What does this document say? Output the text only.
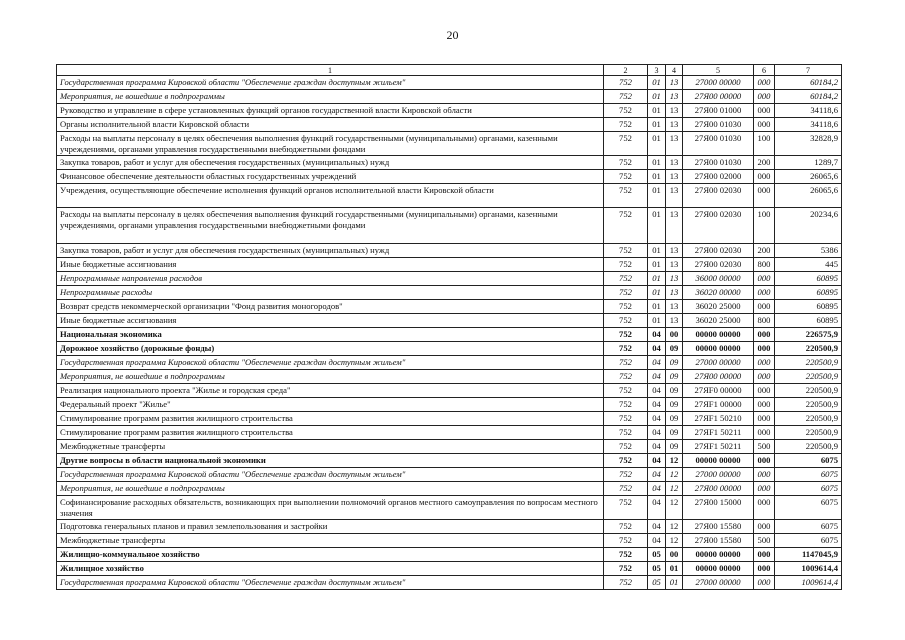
20
1	2	3	4	5	6	7
Государственная программа Кировской области "Обеспечение граждан доступным жильем"	752	01	13	27000 00000	000	60184,2
Мероприятия, не вошедшие в подпрограммы	752	01	13	27Я00 00000	000	60184,2
Руководство и управление в сфере установленных функций органов государственной власти Кировской области	752	01	13	27Я00 01000	000	34118,6
Органы исполнительной власти Кировской области	752	01	13	27Я00 01030	000	34118,6
Расходы на выплаты персоналу в целях обеспечения выполнения функций государственными (муниципальными) органами, казенными учреждениями, органами управления государственными внебюджетными фондами	752	01	13	27Я00 01030	100	32828,9
Закупка товаров, работ и услуг для обеспечения государственных (муниципальных) нужд	752	01	13	27Я00 01030	200	1289,7
Финансовое обеспечение деятельности областных государственных учреждений	752	01	13	27Я00 02000	000	26065,6
Учреждения, осуществляющие обеспечение исполнения функций органов исполнительной власти Кировской области	752	01	13	27Я00 02030	000	26065,6
Расходы на выплаты персоналу в целях обеспечения выполнения функций государственными (муниципальными) органами, казенными учреждениями, органами управления государственными внебюджетными фондами	752	01	13	27Я00 02030	100	20234,6
Закупка товаров, работ и услуг для обеспечения государственных (муниципальных) нужд	752	01	13	27Я00 02030	200	5386
Иные бюджетные ассигнования	752	01	13	27Я00 02030	800	445
Непрограммные направления расходов	752	01	13	36000 00000	000	60895
Непрограммные расходы	752	01	13	36020 00000	000	60895
Возврат средств некоммерческой организации "Фонд развития моногородов"	752	01	13	36020 25000	000	60895
Иные бюджетные ассигнования	752	01	13	36020 25000	800	60895
Национальная экономика	752	04	00	00000 00000	000	226575,9
Дорожное хозяйство (дорожные фонды)	752	04	09	00000 00000	000	220500,9
Государственная программа Кировской области "Обеспечение граждан доступным жильем"	752	04	09	27000 00000	000	220500,9
Мероприятия, не вошедшие в подпрограммы	752	04	09	27Я00 00000	000	220500,9
Реализация национального проекта "Жилье и городская среда"	752	04	09	27ЯF0 00000	000	220500,9
Федеральный проект "Жилье"	752	04	09	27ЯF1 00000	000	220500,9
Стимулирование программ развития жилищного строительства	752	04	09	27ЯF1 50210	000	220500,9
Стимулирование программ развития жилищного строительства	752	04	09	27ЯF1 50211	000	220500,9
Межбюджетные трансферты	752	04	09	27ЯF1 50211	500	220500,9
Другие вопросы в области национальной экономики	752	04	12	00000 00000	000	6075
Государственная программа Кировской области "Обеспечение граждан доступным жильем"	752	04	12	27000 00000	000	6075
Мероприятия, не вошедшие в подпрограммы	752	04	12	27Я00 00000	000	6075
Софинансирование расходных обязательств, возникающих при выполнении полномочий органов местного самоуправления по вопросам местного значения	752	04	12	27Я00 15000	000	6075
Подготовка генеральных планов и правил землепользования и застройки	752	04	12	27Я00 15580	000	6075
Межбюджетные трансферты	752	04	12	27Я00 15580	500	6075
Жилищно-коммунальное хозяйство	752	05	00	00000 00000	000	1147045,9
Жилищное хозяйство	752	05	01	00000 00000	000	1009614,4
Государственная программа Кировской области "Обеспечение граждан доступным жильем"	752	05	01	27000 00000	000	1009614,4
